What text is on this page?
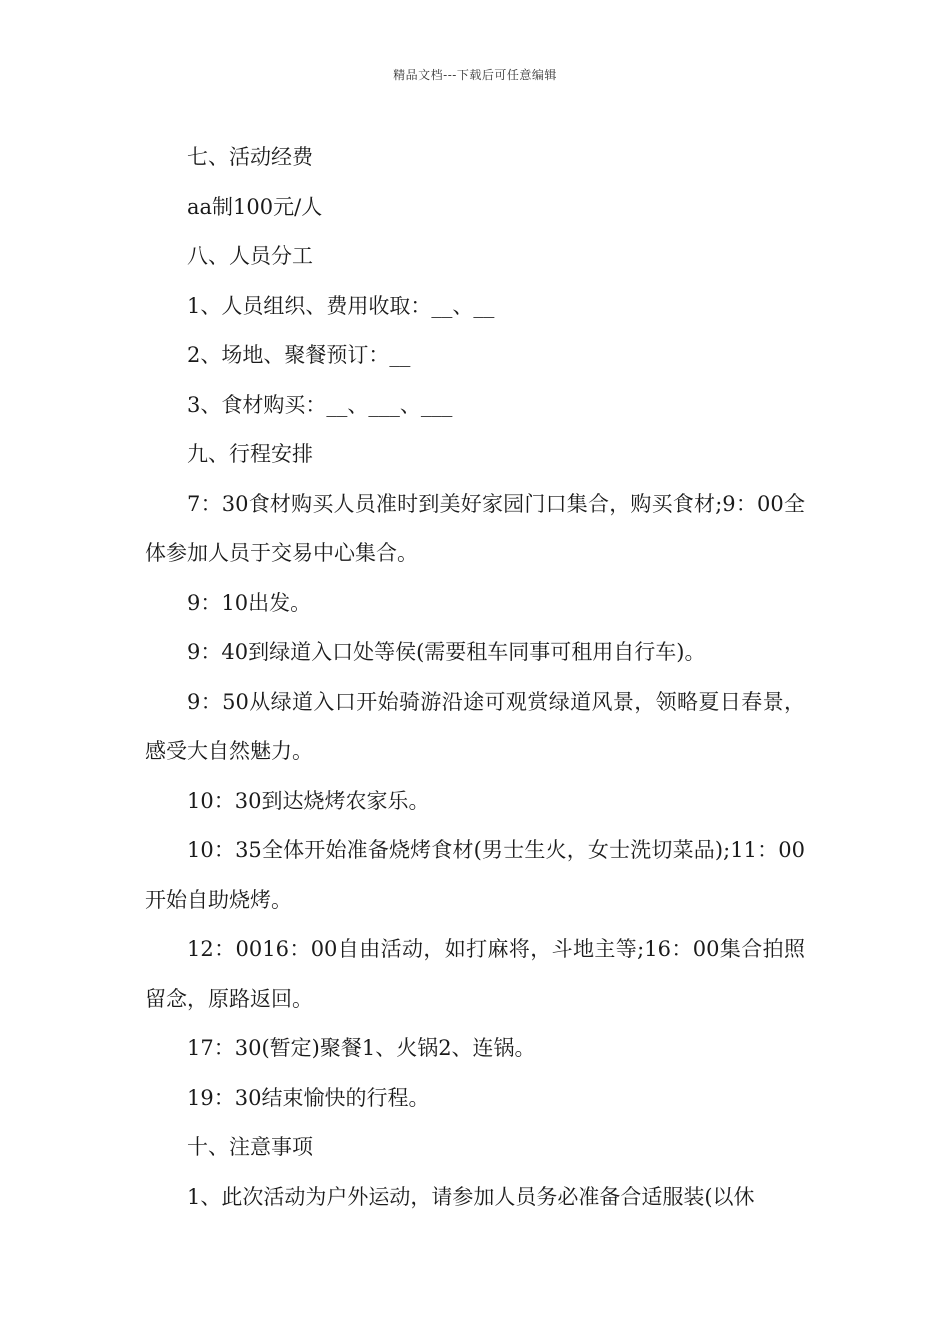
精品文档---下载后可任意编辑

七、活动经费

aa制100元/人

八、人员分工

1、人员组织、费用收取：__、__

2、场地、聚餐预订：__

3、食材购买：__、___、___

九、行程安排

7：30食材购买人员准时到美好家园门口集合，购买食材;9：00全体参加人员于交易中心集合。

9：10出发。

9：40到绿道入口处等侯(需要租车同事可租用自行车)。

9：50从绿道入口开始骑游沿途可观赏绿道风景，领略夏日春景，感受大自然魅力。

10：30到达烧烤农家乐。

10：35全体开始准备烧烤食材(男士生火，女士洗切菜品);11：00开始自助烧烤。

12：0016：00自由活动，如打麻将，斗地主等;16：00集合拍照留念，原路返回。

17：30(暂定)聚餐1、火锅2、连锅。

19：30结束愉快的行程。

十、注意事项

1、此次活动为户外运动，请参加人员务必准备合适服装(以休
